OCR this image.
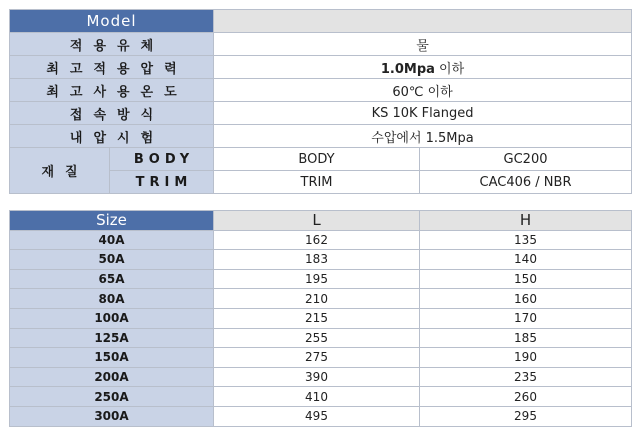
Model			
적용유체		물	
최고적용압력		1.0Mpa 이하	
최고사용온도		60℃ 이하	
접속방식		KS 10K Flanged	
내압시험		수압에서 1.5Mpa	
재질	BODY	BODY	GC200
	TRIM	TRIM	CAC406 / NBR
Size	L	H
40A	162	135
50A	183	140
65A	195	150
80A	210	160
100A	215	170
125A	255	185
150A	275	190
200A	390	235
250A	410	260
300A	495	295
